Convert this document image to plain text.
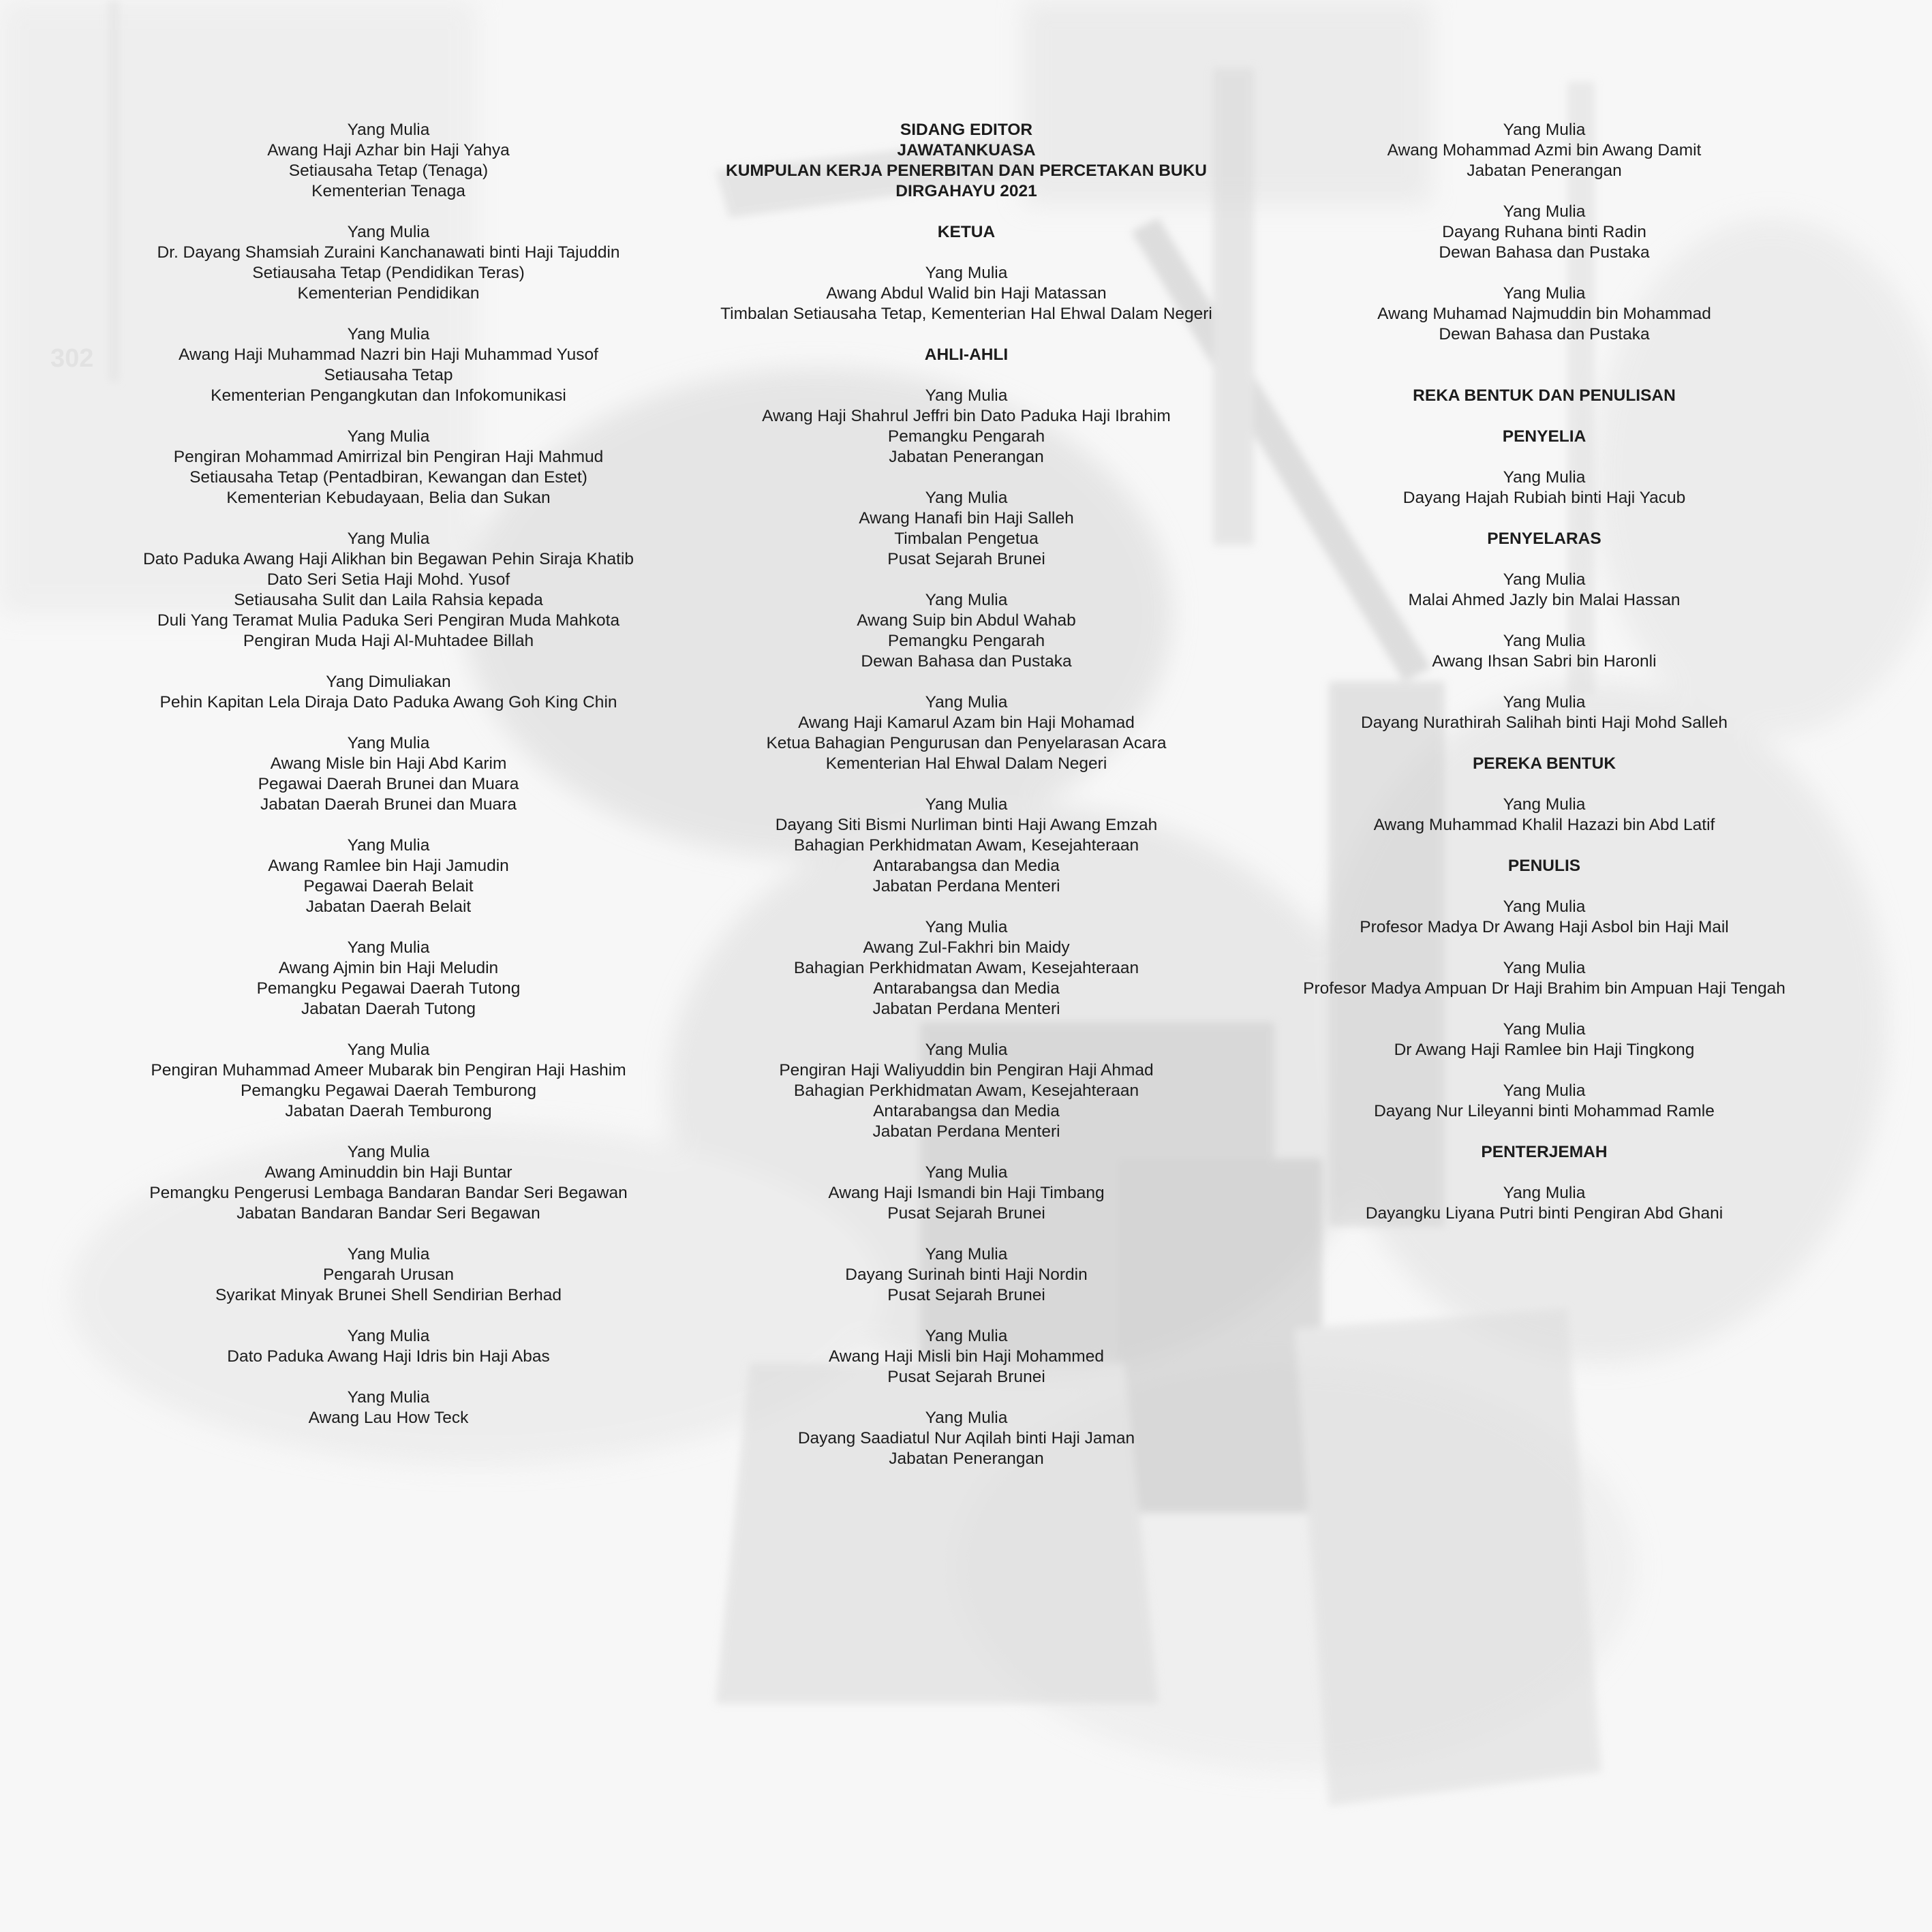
302
Yang Mulia
Awang Haji Azhar bin Haji Yahya
Setiausaha Tetap (Tenaga)
Kementerian Tenaga
Yang Mulia
Dr. Dayang Shamsiah Zuraini Kanchanawati binti Haji Tajuddin
Setiausaha Tetap (Pendidikan Teras)
Kementerian Pendidikan
Yang Mulia
Awang Haji Muhammad Nazri bin Haji Muhammad Yusof
Setiausaha Tetap
Kementerian Pengangkutan dan Infokomunikasi
Yang Mulia
Pengiran Mohammad Amirrizal bin Pengiran Haji Mahmud
Setiausaha Tetap (Pentadbiran, Kewangan dan Estet)
Kementerian Kebudayaan, Belia dan Sukan
Yang Mulia
Dato Paduka Awang Haji Alikhan bin Begawan Pehin Siraja Khatib
Dato Seri Setia Haji Mohd. Yusof
Setiausaha Sulit dan Laila Rahsia kepada
Duli Yang Teramat Mulia Paduka Seri Pengiran Muda Mahkota
Pengiran Muda Haji Al-Muhtadee Billah
Yang Dimuliakan
Pehin Kapitan Lela Diraja Dato Paduka Awang Goh King Chin
Yang Mulia
Awang Misle bin Haji Abd Karim
Pegawai Daerah Brunei dan Muara
Jabatan Daerah Brunei dan Muara
Yang Mulia
Awang Ramlee bin Haji Jamudin
Pegawai Daerah Belait
Jabatan Daerah Belait
Yang Mulia
Awang Ajmin bin Haji Meludin
Pemangku Pegawai Daerah Tutong
Jabatan Daerah Tutong
Yang Mulia
Pengiran Muhammad Ameer Mubarak bin Pengiran Haji Hashim
Pemangku Pegawai Daerah Temburong
Jabatan Daerah Temburong
Yang Mulia
Awang Aminuddin bin Haji Buntar
Pemangku Pengerusi Lembaga Bandaran Bandar Seri Begawan
Jabatan Bandaran Bandar Seri Begawan
Yang Mulia
Pengarah Urusan
Syarikat Minyak Brunei Shell Sendirian Berhad
Yang Mulia
Dato Paduka Awang Haji Idris bin Haji Abas
Yang Mulia
Awang Lau How Teck
SIDANG EDITOR
JAWATANKUASA
KUMPULAN KERJA PENERBITAN DAN PERCETAKAN BUKU
DIRGAHAYU 2021
KETUA
Yang Mulia
Awang Abdul Walid bin Haji Matassan
Timbalan Setiausaha Tetap, Kementerian Hal Ehwal Dalam Negeri
AHLI-AHLI
Yang Mulia
Awang Haji Shahrul Jeffri bin Dato Paduka Haji Ibrahim
Pemangku Pengarah
Jabatan Penerangan
Yang Mulia
Awang Hanafi bin Haji Salleh
Timbalan Pengetua
Pusat Sejarah Brunei
Yang Mulia
Awang Suip bin Abdul Wahab
Pemangku Pengarah
Dewan Bahasa dan Pustaka
Yang Mulia
Awang Haji Kamarul Azam bin Haji Mohamad
Ketua Bahagian Pengurusan dan Penyelarasan Acara
Kementerian Hal Ehwal Dalam Negeri
Yang Mulia
Dayang Siti Bismi Nurliman binti Haji Awang Emzah
Bahagian Perkhidmatan Awam, Kesejahteraan
Antarabangsa dan Media
Jabatan Perdana Menteri
Yang Mulia
Awang Zul-Fakhri bin Maidy
Bahagian Perkhidmatan Awam, Kesejahteraan
Antarabangsa dan Media
Jabatan Perdana Menteri
Yang Mulia
Pengiran Haji Waliyuddin bin Pengiran Haji Ahmad
Bahagian Perkhidmatan Awam, Kesejahteraan
Antarabangsa dan Media
Jabatan Perdana Menteri
Yang Mulia
Awang Haji Ismandi bin Haji Timbang
Pusat Sejarah Brunei
Yang Mulia
Dayang Surinah binti Haji Nordin
Pusat Sejarah Brunei
Yang Mulia
Awang Haji Misli bin Haji Mohammed
Pusat Sejarah Brunei
Yang Mulia
Dayang Saadiatul Nur Aqilah binti Haji Jaman
Jabatan Penerangan
Yang Mulia
Awang Mohammad Azmi bin Awang Damit
Jabatan Penerangan
Yang Mulia
Dayang Ruhana binti Radin
Dewan Bahasa dan Pustaka
Yang Mulia
Awang Muhamad Najmuddin bin Mohammad
Dewan Bahasa dan Pustaka
REKA BENTUK DAN PENULISAN
PENYELIA
Yang Mulia
Dayang Hajah Rubiah binti Haji Yacub
PENYELARAS
Yang Mulia
Malai Ahmed Jazly bin Malai Hassan
Yang Mulia
Awang Ihsan Sabri bin Haronli
Yang Mulia
Dayang Nurathirah Salihah binti Haji Mohd Salleh
PEREKA BENTUK
Yang Mulia
Awang Muhammad Khalil Hazazi bin Abd Latif
PENULIS
Yang Mulia
Profesor Madya Dr Awang Haji Asbol bin Haji Mail
Yang Mulia
Profesor Madya Ampuan Dr Haji Brahim bin Ampuan Haji Tengah
Yang Mulia
Dr Awang Haji Ramlee bin Haji Tingkong
Yang Mulia
Dayang Nur Lileyanni binti Mohammad Ramle
PENTERJEMAH
Yang Mulia
Dayangku Liyana Putri binti Pengiran Abd Ghani
